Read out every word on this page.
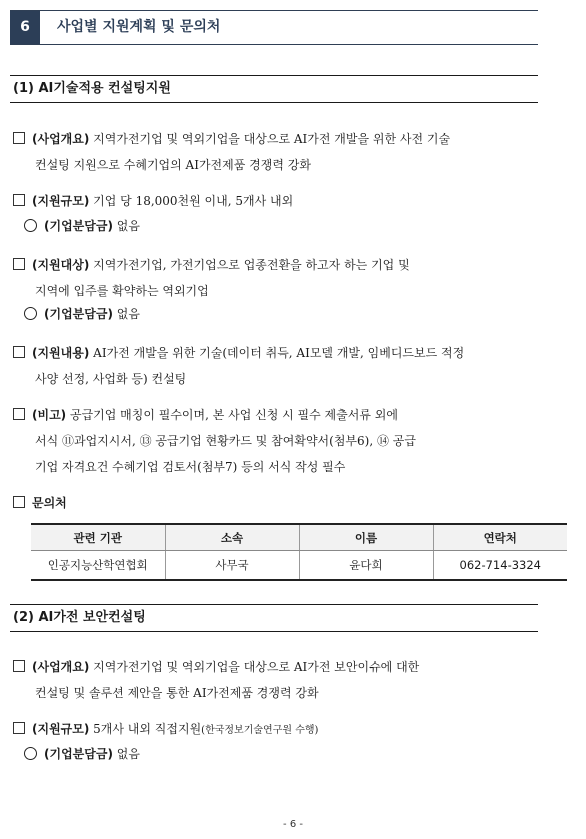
6	사업별 지원계획 및 문의처
(1) AI기술적용 컨설팅지원
(사업개요) 지역가전기업 및 역외기업을 대상으로 AI가전 개발을 위한 사전 기술
컨설팅 지원으로 수혜기업의 AI가전제품 경쟁력 강화
(지원규모) 기업 당 18,000천원 이내, 5개사 내외
(기업분담금) 없음
(지원대상) 지역가전기업, 가전기업으로 업종전환을 하고자 하는 기업 및
지역에 입주를 확약하는 역외기업
(기업분담금) 없음
(지원내용) AI가전 개발을 위한 기술(데이터 취득, AI모델 개발, 임베디드보드 적정
사양 선정, 사업화 등) 컨설팅
(비고) 공급기업 매칭이 필수이며, 본 사업 신청 시 필수 제출서류 외에
서식 ⑪과업지시서, ⑬ 공급기업 현황카드 및 참여확약서(첨부6), ⑭ 공급
기업 자격요건 수혜기업 검토서(첨부7) 등의 서식 작성 필수
문의처
관련 기관	소속	이름	연락처
인공지능산학연협회	사무국	윤다희	062-714-3324
(2) AI가전 보안컨설팅
(사업개요) 지역가전기업 및 역외기업을 대상으로 AI가전 보안이슈에 대한
컨설팅 및 솔루션 제안을 통한 AI가전제품 경쟁력 강화
(지원규모) 5개사 내외 직접지원(한국정보기술연구원 수행)
(기업분담금) 없음
- 6 -
